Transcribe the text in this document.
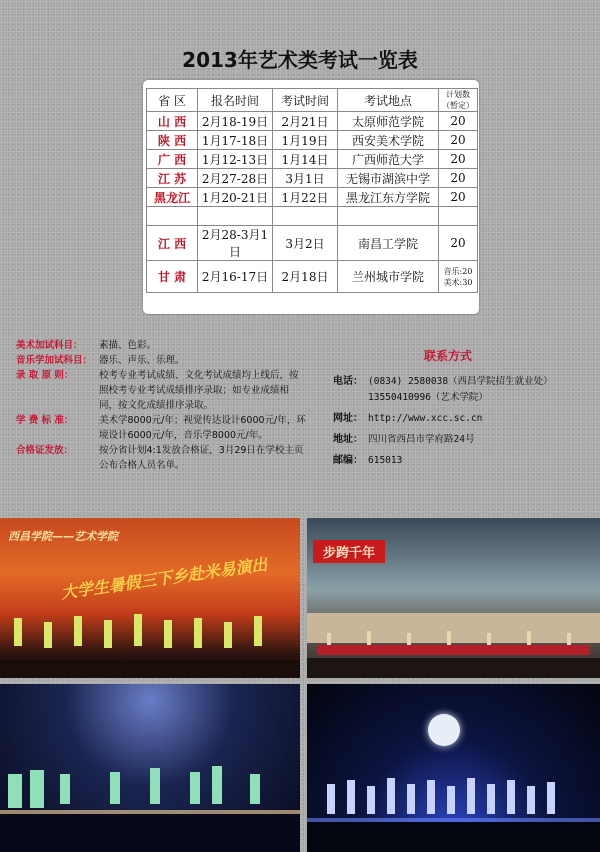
2013年艺术类考试一览表
省 区	报名时间	考试时间	考试地点	计划数
（暂定）
山 西	2月18-19日	2月21日	太原师范学院	20
陕 西	1月17-18日	1月19日	西安美术学院	20
广 西	1月12-13日	1月14日	广西师范大学	20
江 苏	2月27-28日	3月1日	无锡市湖滨中学	20
黑龙江	1月20-21日	1月22日	黑龙江东方学院	20

江 西	2月28-3月1日	3月2日	南昌工学院	20
甘 肃	2月16-17日	2月18日	兰州城市学院	音乐:20
美术:30
美术加试科目：	素描、色彩。
音乐学加试科目： 器乐、声乐、乐理。
录 取 原 则：	校考专业考试成绩、文化考试成绩均上线后，按照校考专业考试成绩排序录取；如专业成绩相同，按文化成绩排序录取。
学 费 标 准：	美术学8000元/年；视觉传达设计6000元/年，环境设计6000元/年，音乐学8000元/年。
合格证发放：	按分省计划4:1发放合格证，3月29日在学校主页公布合格人员名单。
联系方式
电话： (0834) 2580038（西昌学院招生就业处）
13550410996（艺术学院）
网址： http://www.xcc.sc.cn
地址： 四川省西昌市学府路24号
邮编： 615013
西昌学院——艺术学院
大学生暑假三下乡赴米易演出
步跨千年
